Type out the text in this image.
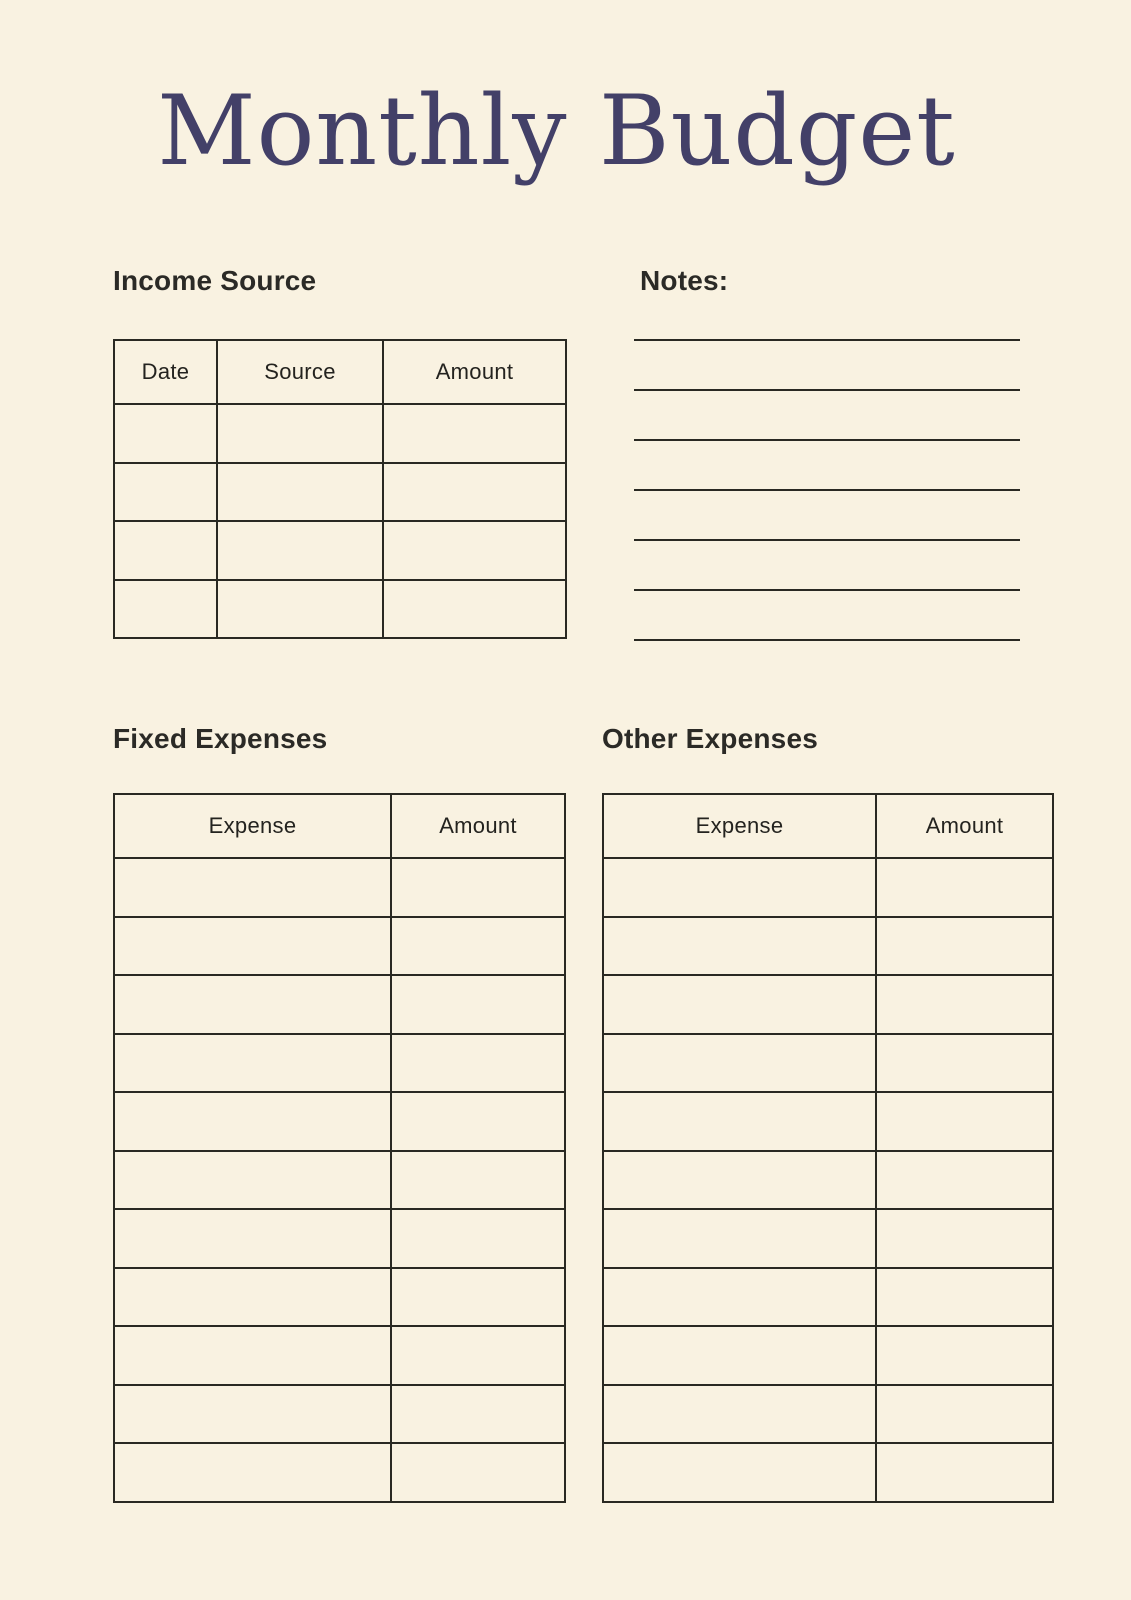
Monthly Budget
Income Source	Notes:
Date	Source	Amount

Fixed Expenses	Other Expenses
Expense	Amount

		Expense	Amount
